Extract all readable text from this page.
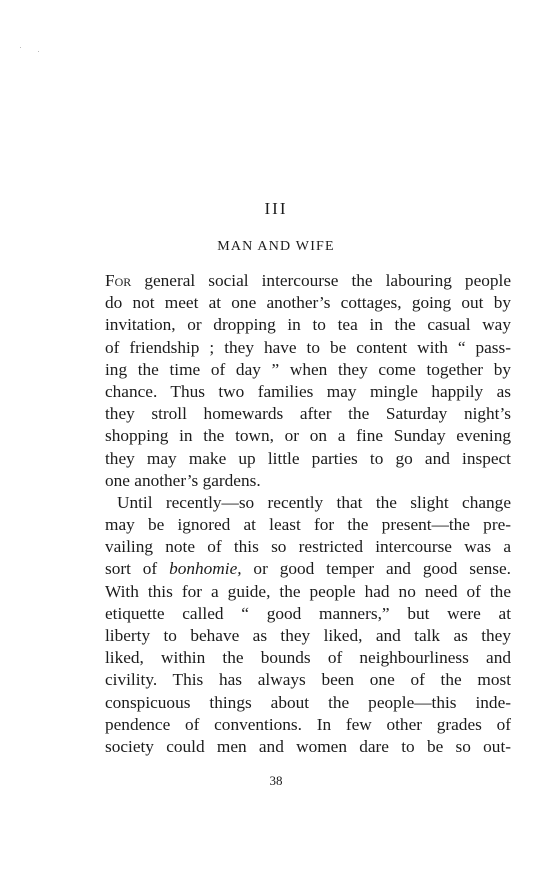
III
MAN AND WIFE
For general social intercourse the labouring people
do not meet at one another’s cottages, going out by
invitation, or dropping in to tea in the casual way
of friendship ; they have to be content with “ pass-
ing the time of day ” when they come together by
chance. Thus two families may mingle happily as
they stroll homewards after the Saturday night’s
shopping in the town, or on a fine Sunday evening
they may make up little parties to go and inspect
one another’s gardens.
Until recently—so recently that the slight change
may be ignored at least for the present—the pre-
vailing note of this so restricted intercourse was a
sort of bonhomie, or good temper and good sense.
With this for a guide, the people had no need of the
etiquette called “ good manners,” but were at
liberty to behave as they liked, and talk as they
liked, within the bounds of neighbourliness and
civility. This has always been one of the most
conspicuous things about the people—this inde-
pendence of conventions. In few other grades of
society could men and women dare to be so out-
38
